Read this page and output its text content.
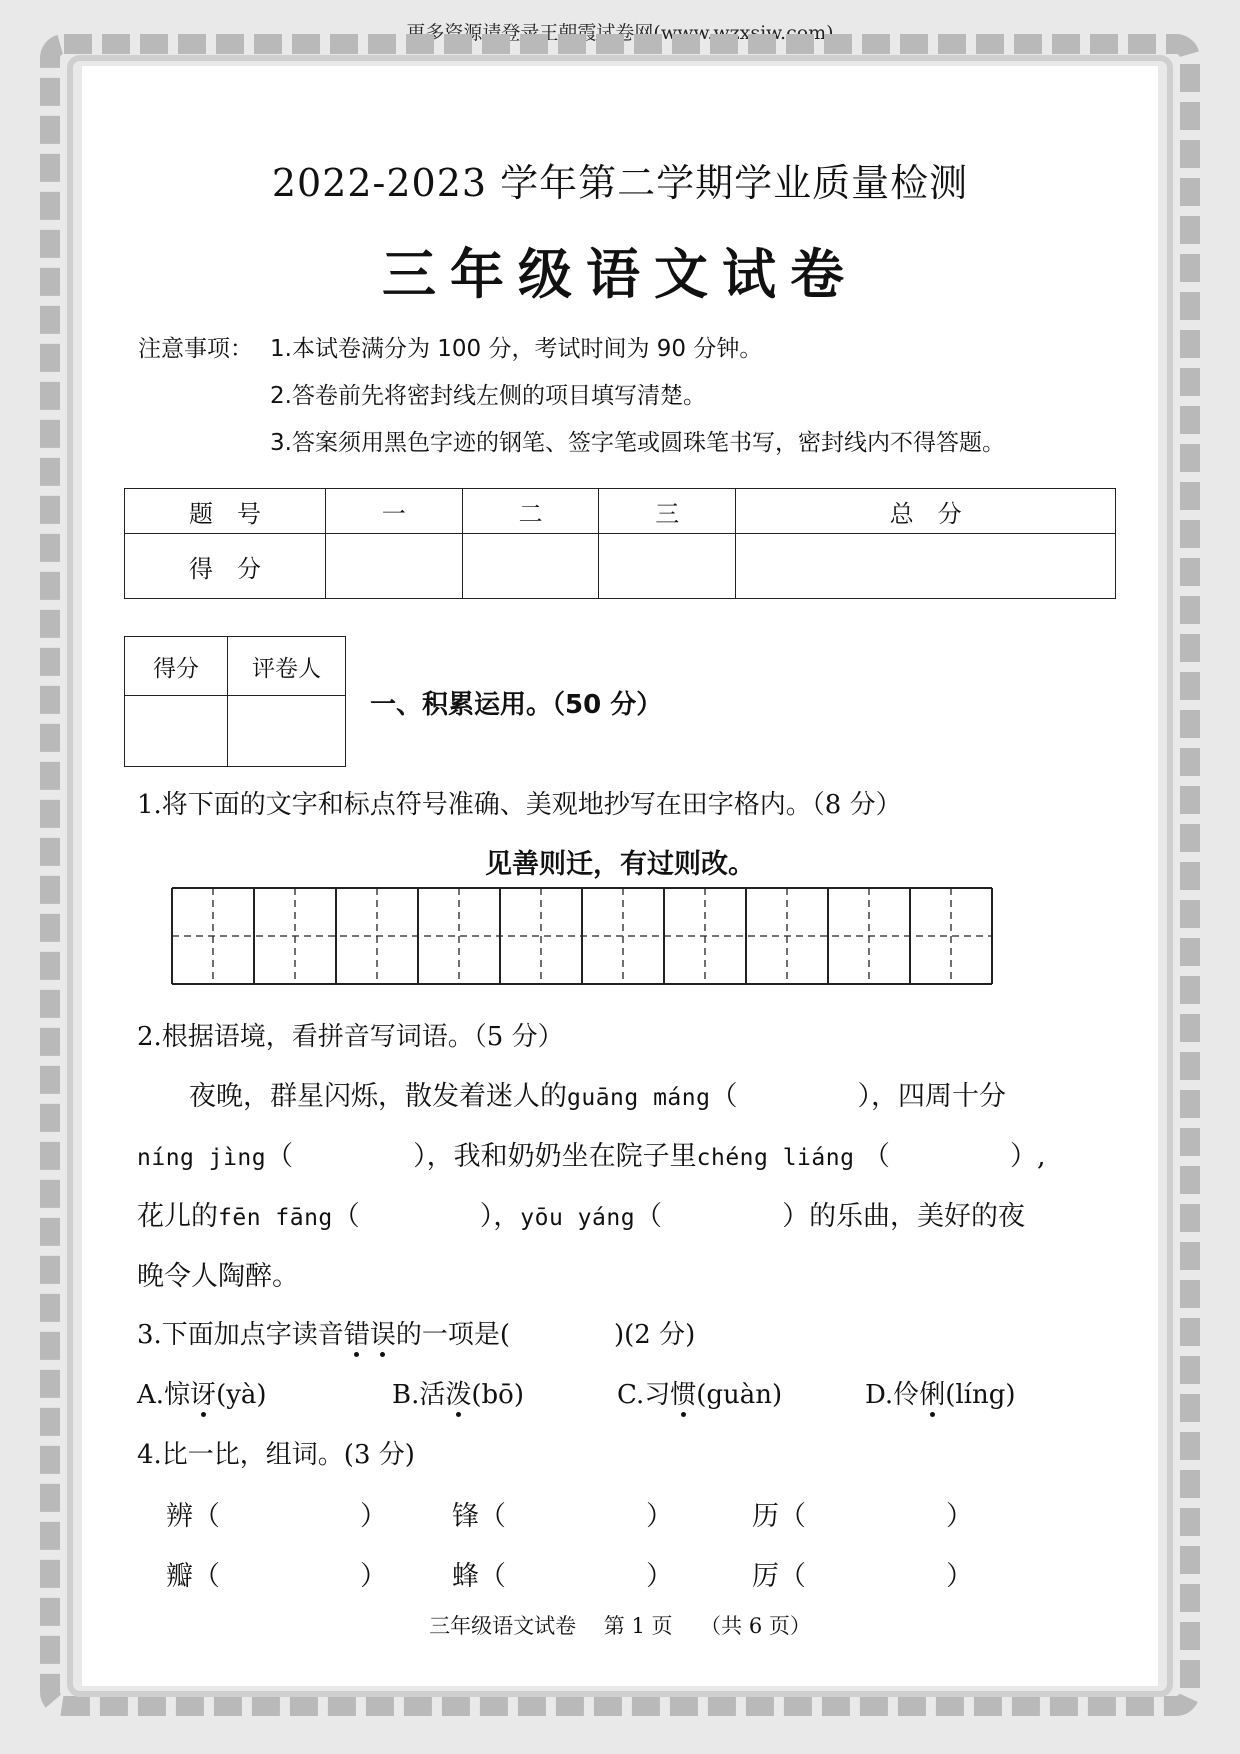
更多资源请登录王朝霞试卷网(www.wzxsjw.com)
2022-2023 学年第二学期学业质量检测
三年级语文试卷
注意事项： 1.本试卷满分为 100 分，考试时间为 90 分钟。
2.答卷前先将密封线左侧的项目填写清楚。
3.答案须用黑色字迹的钢笔、签字笔或圆珠笔书写，密封线内不得答题。
题　号	一	二	三	总　分
得　分				
得分	评卷人

一、积累运用。（50 分）
1.将下面的文字和标点符号准确、美观地抄写在田字格内。（8 分）
见善则迁，有过则改。
2.根据语境，看拼音写词语。（5 分）
夜晚，群星闪烁，散发着迷人的guāng máng（	），四周十分
níng jìng（	），我和奶奶坐在院子里chéng liáng （	）,
花儿的fēn fāng（	），yōu yáng（	）的乐曲，美好的夜
晚令人陶醉。
3.下面加点字读音错误的一项是(　　　　)(2 分)
A.惊讶(yà)	B.活泼(bō)	C.习惯(guàn)	D.伶俐(líng)
4.比一比，组词。(3 分)
辨（	） 锋（	）	历（	）
瓣（	） 蜂（	）	厉（	）
三年级语文试卷　 第 1 页　 （共 6 页）
